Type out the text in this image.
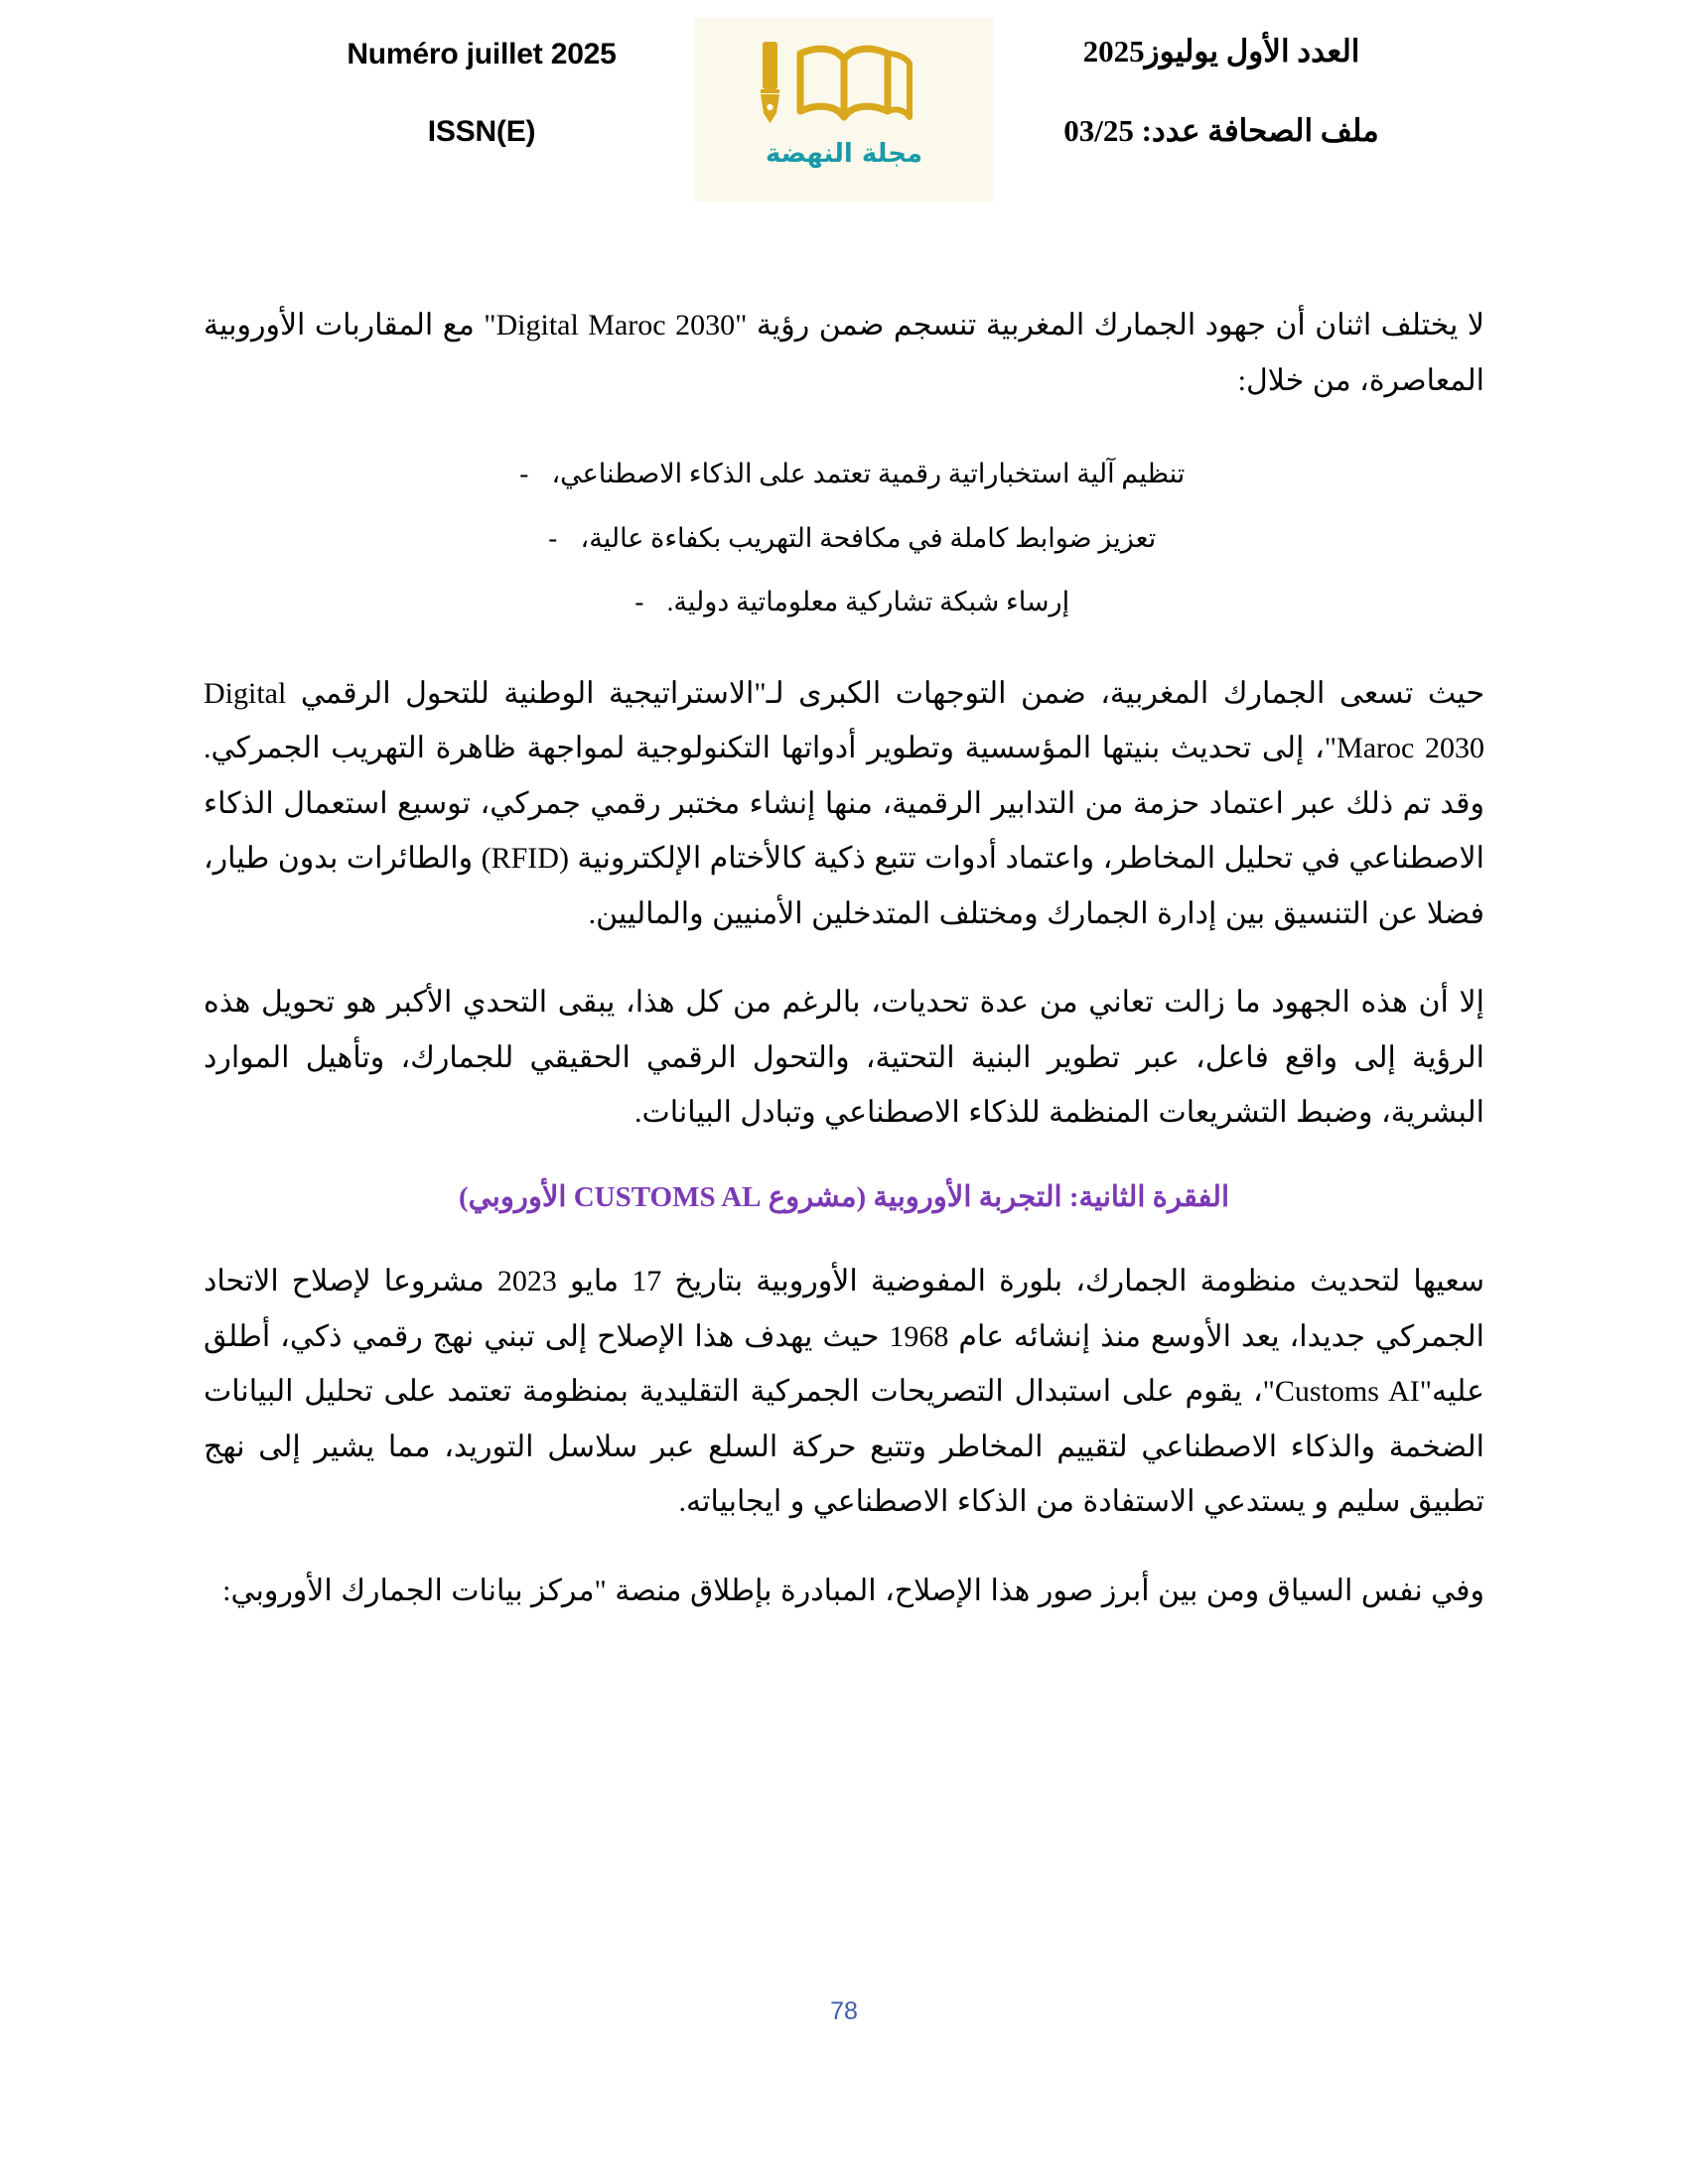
Numéro juillet 2025
ISSN(E)
مجلة النهضة
العدد الأول يوليوز2025
ملف الصحافة عدد: 03/25

لا يختلف اثنان أن جهود الجمارك المغربية تنسجم ضمن رؤية "Digital Maroc 2030" مع المقاربات الأوروبية المعاصرة، من خلال:

تنظيم آلية استخباراتية رقمية تعتمد على الذكاء الاصطناعي، -
تعزيز ضوابط كاملة في مكافحة التهريب بكفاءة عالية، -
إرساء شبكة تشاركية معلوماتية دولية. -

حيث تسعى الجمارك المغربية، ضمن التوجهات الكبرى لـ"الاستراتيجية الوطنية للتحول الرقمي Digital Maroc 2030"، إلى تحديث بنيتها المؤسسية وتطوير أدواتها التكنولوجية لمواجهة ظاهرة التهريب الجمركي. وقد تم ذلك عبر اعتماد حزمة من التدابير الرقمية، منها إنشاء مختبر رقمي جمركي، توسيع استعمال الذكاء الاصطناعي في تحليل المخاطر، واعتماد أدوات تتبع ذكية كالأختام الإلكترونية (RFID) والطائرات بدون طيار، فضلا عن التنسيق بين إدارة الجمارك ومختلف المتدخلين الأمنيين والماليين.

إلا أن هذه الجهود ما زالت تعاني من عدة تحديات، بالرغم من كل هذا، يبقى التحدي الأكبر هو تحويل هذه الرؤية إلى واقع فاعل، عبر تطوير البنية التحتية، والتحول الرقمي الحقيقي للجمارك، وتأهيل الموارد البشرية، وضبط التشريعات المنظمة للذكاء الاصطناعي وتبادل البيانات.

الفقرة الثانية: التجربة الأوروبية (مشروع CUSTOMS AL الأوروبي)

سعيها لتحديث منظومة الجمارك، بلورة المفوضية الأوروبية بتاريخ 17 مايو 2023 مشروعا لإصلاح الاتحاد الجمركي جديدا، يعد الأوسع منذ إنشائه عام 1968 حيث يهدف هذا الإصلاح إلى تبني نهج رقمي ذكي، أطلق عليه"Customs AI"، يقوم على استبدال التصريحات الجمركية التقليدية بمنظومة تعتمد على تحليل البيانات الضخمة والذكاء الاصطناعي لتقييم المخاطر وتتبع حركة السلع عبر سلاسل التوريد، مما يشير إلى نهج تطبيق سليم و يستدعي الاستفادة من الذكاء الاصطناعي و ايجابياته.

وفي نفس السياق ومن بين أبرز صور هذا الإصلاح، المبادرة بإطلاق منصة "مركز بيانات الجمارك الأوروبي:

78
